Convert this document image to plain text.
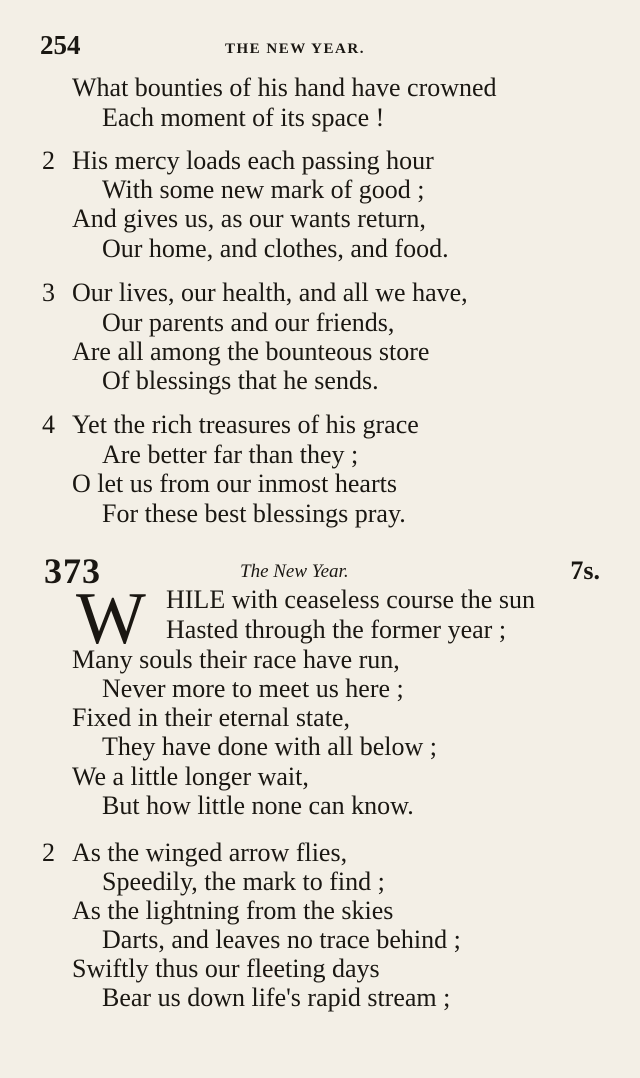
254	THE NEW YEAR.
What bounties of his hand have crowned
Each moment of its space !
2 His mercy loads each passing hour
With some new mark of good ;
And gives us, as our wants return,
Our home, and clothes, and food.
3 Our lives, our health, and all we have,
Our parents and our friends,
Are all among the bounteous store
Of blessings that he sends.
4 Yet the rich treasures of his grace
Are better far than they ;
O let us from our inmost hearts
For these best blessings pray.
373	The New Year.	7s.
W HILE with ceaseless course the sun
Hasted through the former year ;
Many souls their race have run,
Never more to meet us here ;
Fixed in their eternal state,
They have done with all below ;
We a little longer wait,
But how little none can know.
2 As the winged arrow flies,
Speedily, the mark to find ;
As the lightning from the skies
Darts, and leaves no trace behind ;
Swiftly thus our fleeting days
Bear us down life's rapid stream ;
